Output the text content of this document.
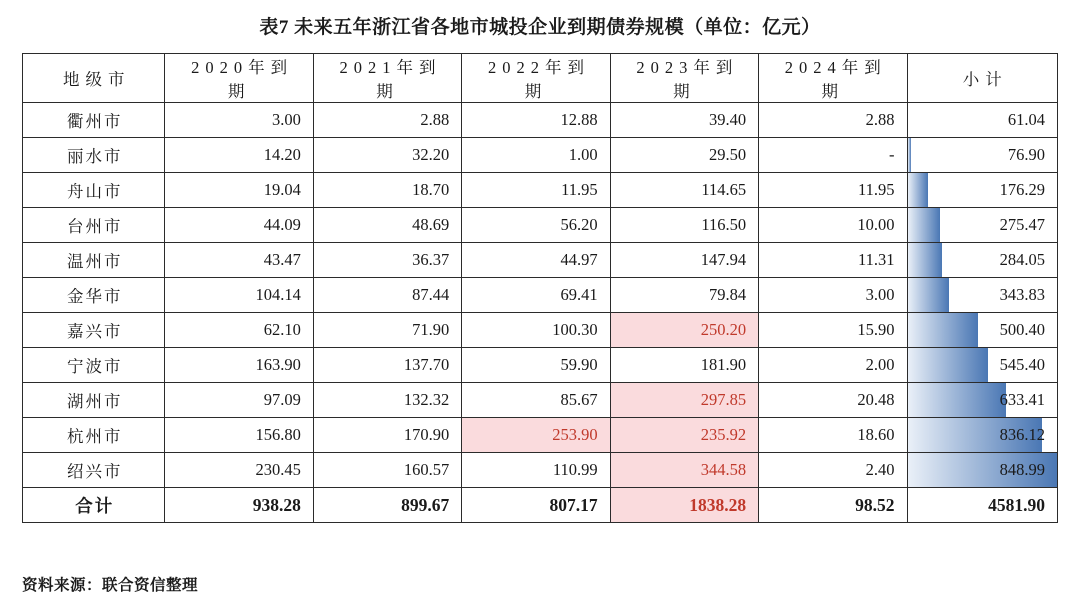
表7 未来五年浙江省各地市城投企业到期债券规模（单位：亿元）
地级市	2020年到期	2021年到期	2022年到期	2023年到期	2024年到期	小计
衢州市	3.00	2.88	12.88	39.40	2.88	61.04
丽水市	14.20	32.20	1.00	29.50	-	76.90
舟山市	19.04	18.70	11.95	114.65	11.95	176.29
台州市	44.09	48.69	56.20	116.50	10.00	275.47
温州市	43.47	36.37	44.97	147.94	11.31	284.05
金华市	104.14	87.44	69.41	79.84	3.00	343.83
嘉兴市	62.10	71.90	100.30	250.20	15.90	500.40
宁波市	163.90	137.70	59.90	181.90	2.00	545.40
湖州市	97.09	132.32	85.67	297.85	20.48	633.41
杭州市	156.80	170.90	253.90	235.92	18.60	836.12
绍兴市	230.45	160.57	110.99	344.58	2.40	848.99
合计	938.28	899.67	807.17	1838.28	98.52	4581.90
资料来源：联合资信整理
